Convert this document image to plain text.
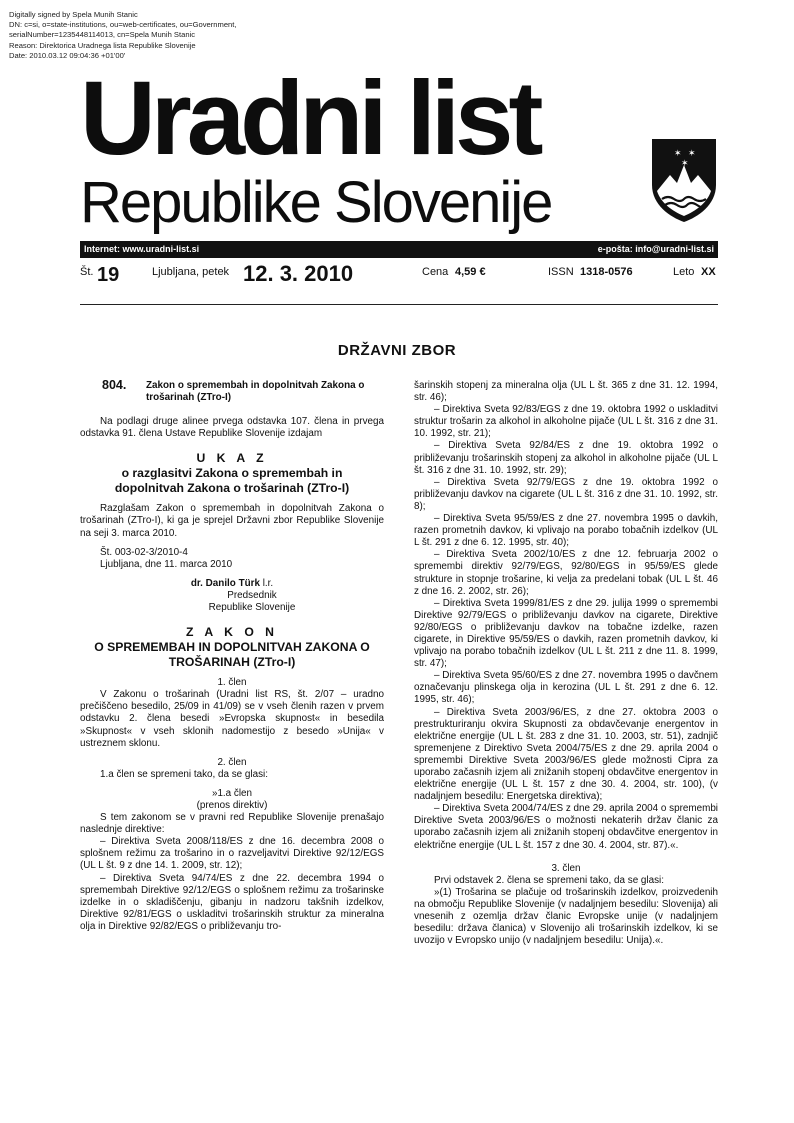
Digitally signed by Spela Munih Stanic
DN: c=si, o=state-institutions, ou=web-certificates, ou=Government,
serialNumber=1235448114013, cn=Spela Munih Stanic
Reason: Direktorica Uradnega lista Republike Slovenije
Date: 2010.03.12 09:04:36 +01'00'
Uradni list
Republike Slovenije
✶ ✶
✶
Internet: www.uradni-list.si	e-pošta: info@uradni-list.si
Št. 19	Ljubljana, petek 12. 3. 2010	Cena 4,59 €	ISSN 1318-0576	Leto XX
DRŽAVNI ZBOR
804. Zakon o spremembah in dopolnitvah Zakona o trošarinah (ZTro-I)

Na podlagi druge alinee prvega odstavka 107. člena in prvega odstavka 91. člena Ustave Republike Slovenije izdajam

U K A Z
o razglasitvi Zakona o spremembah in dopolnitvah Zakona o trošarinah (ZTro-I)

Razglašam Zakon o spremembah in dopolnitvah Zakona o trošarinah (ZTro-I), ki ga je sprejel Državni zbor Republike Slovenije na seji 3. marca 2010.

Št. 003-02-3/2010-4

Ljubljana, dne 11. marca 2010

dr. Danilo Türk l.r.

Predsednik

Republike Slovenije

Z A K O N
O SPREMEMBAH IN DOPOLNITVAH ZAKONA O TROŠARINAH (ZTro-I)

1. člen

V Zakonu o trošarinah (Uradni list RS, št. 2/07 – uradno prečiščeno besedilo, 25/09 in 41/09) se v vseh členih razen v prvem odstavku 2. člena besedi »Evropska skupnost« in besedila »Skupnost« v vseh sklonih nadomestijo z besedo »Unija« v ustreznem sklonu.

2. člen

1.a člen se spremeni tako, da se glasi:

»1.a člen

(prenos direktiv)

S tem zakonom se v pravni red Republike Slovenije prenašajo naslednje direktive:

– Direktiva Sveta 2008/118/ES z dne 16. decembra 2008 o splošnem režimu za trošarino in o razveljavitvi Direktive 92/12/EGS (UL L št. 9 z dne 14. 1. 2009, str. 12);

– Direktiva Sveta 94/74/ES z dne 22. decembra 1994 o spremembah Direktive 92/12/EGS o splošnem režimu za trošarinske izdelke in o skladiščenju, gibanju in nadzoru takšnih izdelkov, Direktive 92/81/EGS o uskladitvi trošarinskih struktur za mineralna olja in Direktive 92/82/EGS o približevanju tro-

šarinskih stopenj za mineralna olja (UL L št. 365 z dne 31. 12. 1994, str. 46);

– Direktiva Sveta 92/83/EGS z dne 19. oktobra 1992 o uskladitvi struktur trošarin za alkohol in alkoholne pijače (UL L št. 316 z dne 31. 10. 1992, str. 21);

– Direktiva Sveta 92/84/ES z dne 19. oktobra 1992 o približevanju trošarinskih stopenj za alkohol in alkoholne pijače (UL L št. 316 z dne 31. 10. 1992, str. 29);

– Direktiva Sveta 92/79/EGS z dne 19. oktobra 1992 o približevanju davkov na cigarete (UL L št. 316 z dne 31. 10. 1992, str. 8);

– Direktiva Sveta 95/59/ES z dne 27. novembra 1995 o davkih, razen prometnih davkov, ki vplivajo na porabo tobačnih izdelkov (UL L št. 291 z dne 6. 12. 1995, str. 40);

– Direktiva Sveta 2002/10/ES z dne 12. februarja 2002 o spremembi direktiv 92/79/EGS, 92/80/EGS in 95/59/ES glede strukture in stopnje trošarine, ki velja za predelani tobak (UL L št. 46 z dne 16. 2. 2002, str. 26);

– Direktiva Sveta 1999/81/ES z dne 29. julija 1999 o spremembi Direktive 92/79/EGS o približevanju davkov na cigarete, Direktive 92/80/EGS o približevanju davkov na tobačne izdelke, razen cigarete, in Direktive 95/59/ES o davkih, razen prometnih davkov, ki vplivajo na porabo tobačnih izdelkov (UL L št. 211 z dne 11. 8. 1999, str. 47);

– Direktiva Sveta 95/60/ES z dne 27. novembra 1995 o davčnem označevanju plinskega olja in kerozina (UL L št. 291 z dne 6. 12. 1995, str. 46);

– Direktiva Sveta 2003/96/ES, z dne 27. oktobra 2003 o prestrukturiranju okvira Skupnosti za obdavčevanje energentov in električne energije (UL L št. 283 z dne 31. 10. 2003, str. 51), zadnjič spremenjene z Direktivo Sveta 2004/75/ES z dne 29. aprila 2004 o spremembi Direktive Sveta 2003/96/ES glede možnosti Cipra za uporabo začasnih izjem ali znižanih stopenj obdavčitve energentov in električne energije (UL L št. 157 z dne 30. 4. 2004, str. 100), (v nadaljnjem besedilu: Energetska direktiva);

– Direktiva Sveta 2004/74/ES z dne 29. aprila 2004 o spremembi Direktive Sveta 2003/96/ES o možnosti nekaterih držav članic za uporabo začasnih izjem ali znižanih stopenj obdavčitve energentov in električne energije (UL L št. 157 z dne 30. 4. 2004, str. 87).«.

3. člen

Prvi odstavek 2. člena se spremeni tako, da se glasi:

»(1) Trošarina se plačuje od trošarinskih izdelkov, proizvedenih na območju Republike Slovenije (v nadaljnjem besedilu: Slovenija) ali vnesenih z ozemlja držav članic Evropske unije (v nadaljnjem besedilu: država članica) v Slovenijo ali trošarinskih izdelkov, ki se uvozijo v Evropsko unijo (v nadaljnjem besedilu: Unija).«.
